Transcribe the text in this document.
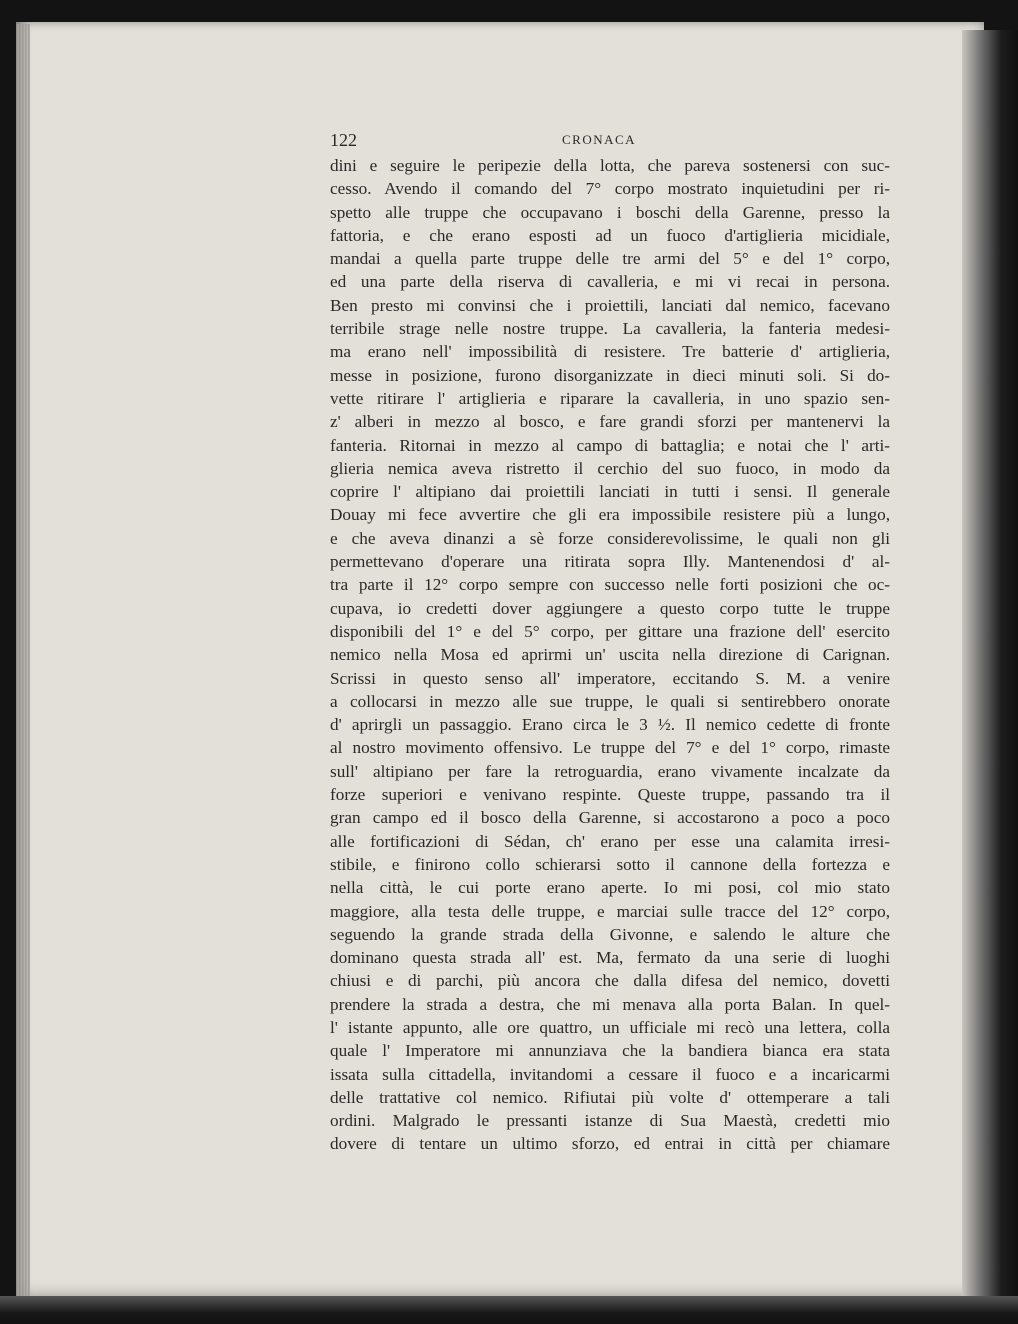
122	CRONACA
dini e seguire le peripezie della lotta, che pareva sostenersi con suc-
cesso. Avendo il comando del 7° corpo mostrato inquietudini per ri-
spetto alle truppe che occupavano i boschi della Garenne, presso la
fattoria, e che erano esposti ad un fuoco d'artiglieria micidiale,
mandai a quella parte truppe delle tre armi del 5° e del 1° corpo,
ed una parte della riserva di cavalleria, e mi vi recai in persona.
Ben presto mi convinsi che i proiettili, lanciati dal nemico, facevano
terribile strage nelle nostre truppe. La cavalleria, la fanteria medesi-
ma erano nell' impossibilità di resistere. Tre batterie d' artiglieria,
messe in posizione, furono disorganizzate in dieci minuti soli. Si do-
vette ritirare l' artiglieria e riparare la cavalleria, in uno spazio sen-
z' alberi in mezzo al bosco, e fare grandi sforzi per mantenervi la
fanteria. Ritornai in mezzo al campo di battaglia; e notai che l' arti-
glieria nemica aveva ristretto il cerchio del suo fuoco, in modo da
coprire l' altipiano dai proiettili lanciati in tutti i sensi. Il generale
Douay mi fece avvertire che gli era impossibile resistere più a lungo,
e che aveva dinanzi a sè forze considerevolissime, le quali non gli
permettevano d'operare una ritirata sopra Illy. Mantenendosi d' al-
tra parte il 12° corpo sempre con successo nelle forti posizioni che oc-
cupava, io credetti dover aggiungere a questo corpo tutte le truppe
disponibili del 1° e del 5° corpo, per gittare una frazione dell' esercito
nemico nella Mosa ed aprirmi un' uscita nella direzione di Carignan.
Scrissi in questo senso all' imperatore, eccitando S. M. a venire
a collocarsi in mezzo alle sue truppe, le quali si sentirebbero onorate
d' aprirgli un passaggio. Erano circa le 3 ½. Il nemico cedette di fronte
al nostro movimento offensivo. Le truppe del 7° e del 1° corpo, rimaste
sull' altipiano per fare la retroguardia, erano vivamente incalzate da
forze superiori e venivano respinte. Queste truppe, passando tra il
gran campo ed il bosco della Garenne, si accostarono a poco a poco
alle fortificazioni di Sédan, ch' erano per esse una calamita irresi-
stibile, e finirono collo schierarsi sotto il cannone della fortezza e
nella città, le cui porte erano aperte. Io mi posi, col mio stato
maggiore, alla testa delle truppe, e marciai sulle tracce del 12° corpo,
seguendo la grande strada della Givonne, e salendo le alture che
dominano questa strada all' est. Ma, fermato da una serie di luoghi
chiusi e di parchi, più ancora che dalla difesa del nemico, dovetti
prendere la strada a destra, che mi menava alla porta Balan. In quel-
l' istante appunto, alle ore quattro, un ufficiale mi recò una lettera, colla
quale l' Imperatore mi annunziava che la bandiera bianca era stata
issata sulla cittadella, invitandomi a cessare il fuoco e a incaricarmi
delle trattative col nemico. Rifiutai più volte d' ottemperare a tali
ordini. Malgrado le pressanti istanze di Sua Maestà, credetti mio
dovere di tentare un ultimo sforzo, ed entrai in città per chiamare
